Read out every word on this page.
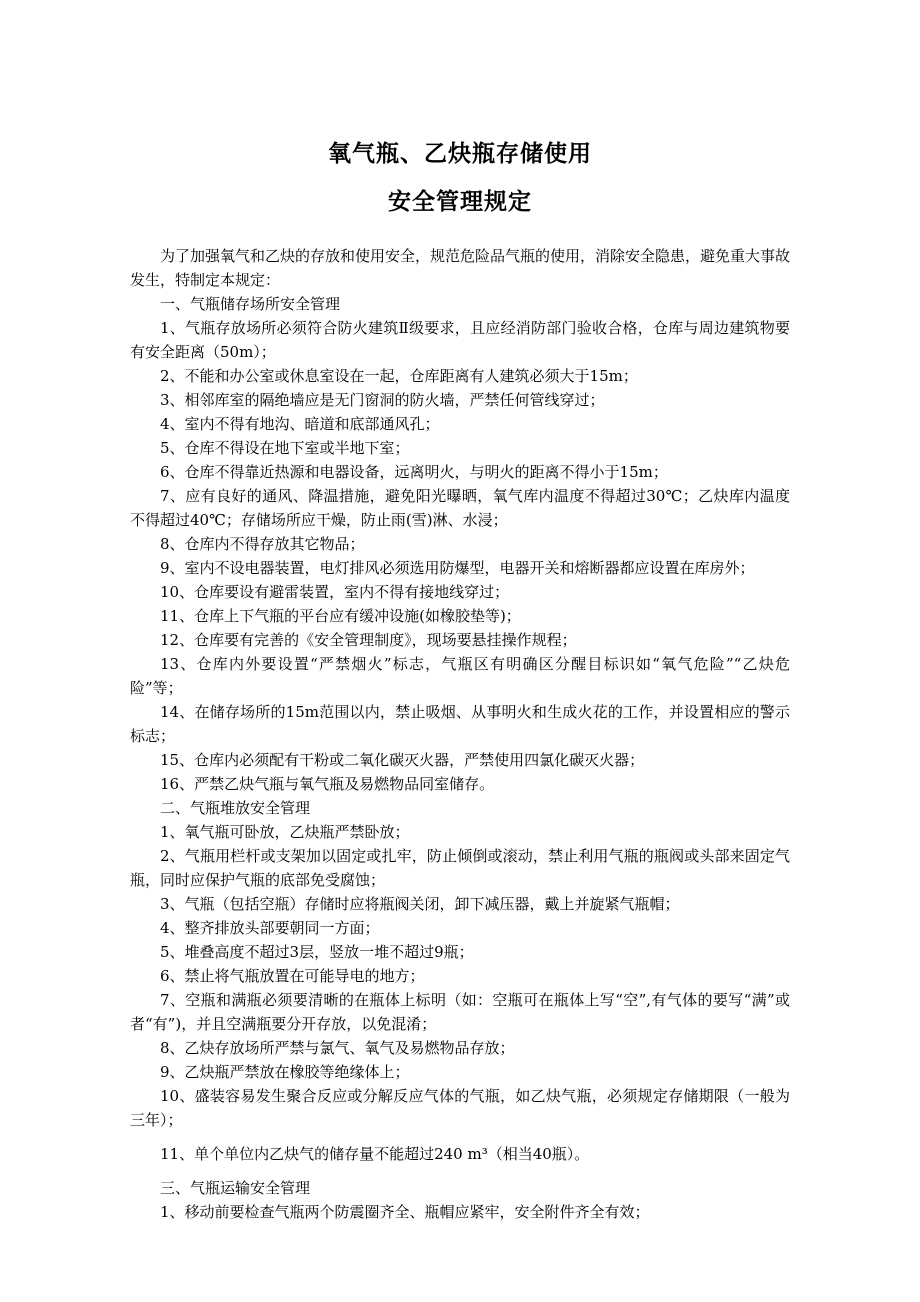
氧气瓶、乙炔瓶存储使用
安全管理规定

为了加强氧气和乙炔的存放和使用安全，规范危险品气瓶的使用，消除安全隐患，避免重大事故发生，特制定本规定：

一、气瓶储存场所安全管理

1、气瓶存放场所必须符合防火建筑Ⅱ级要求，且应经消防部门验收合格，仓库与周边建筑物要有安全距离（50m）；

2、不能和办公室或休息室设在一起，仓库距离有人建筑必须大于15m；

3、相邻库室的隔绝墙应是无门窗洞的防火墙，严禁任何管线穿过；

4、室内不得有地沟、暗道和底部通风孔；

5、仓库不得设在地下室或半地下室；

6、仓库不得靠近热源和电器设备，远离明火，与明火的距离不得小于15m；

7、应有良好的通风、降温措施，避免阳光曝晒，氧气库内温度不得超过30℃；乙炔库内温度不得超过40℃；存储场所应干燥，防止雨(雪)淋、水浸；

8、仓库内不得存放其它物品；

9、室内不设电器装置，电灯排风必须选用防爆型，电器开关和熔断器都应设置在库房外；

10、仓库要设有避雷装置，室内不得有接地线穿过；

11、仓库上下气瓶的平台应有缓冲设施(如橡胶垫等)；

12、仓库要有完善的《安全管理制度》，现场要悬挂操作规程；

13、仓库内外要设置“严禁烟火”标志，气瓶区有明确区分醒目标识如“氧气危险”“乙炔危险”等；

14、在储存场所的15m范围以内，禁止吸烟、从事明火和生成火花的工作，并设置相应的警示标志；

15、仓库内必须配有干粉或二氧化碳灭火器，严禁使用四氯化碳灭火器；

16、严禁乙炔气瓶与氧气瓶及易燃物品同室储存。

二、气瓶堆放安全管理

1、氧气瓶可卧放，乙炔瓶严禁卧放；

2、气瓶用栏杆或支架加以固定或扎牢，防止倾倒或滚动，禁止利用气瓶的瓶阀或头部来固定气瓶，同时应保护气瓶的底部免受腐蚀；

3、气瓶（包括空瓶）存储时应将瓶阀关闭，卸下减压器，戴上并旋紧气瓶帽；

4、整齐排放头部要朝同一方面；

5、堆叠高度不超过3层，竖放一堆不超过9瓶；

6、禁止将气瓶放置在可能导电的地方；

7、空瓶和满瓶必须要清晰的在瓶体上标明（如：空瓶可在瓶体上写“空”,有气体的要写“满”或者“有”)，并且空满瓶要分开存放，以免混淆；

8、乙炔存放场所严禁与氯气、氧气及易燃物品存放；

9、乙炔瓶严禁放在橡胶等绝缘体上；

10、盛装容易发生聚合反应或分解反应气体的气瓶，如乙炔气瓶，必须规定存储期限（一般为三年）；

11、单个单位内乙炔气的储存量不能超过240 m³（相当40瓶）。

三、气瓶运输安全管理

1、移动前要检查气瓶两个防震圈齐全、瓶帽应紧牢，安全附件齐全有效；
